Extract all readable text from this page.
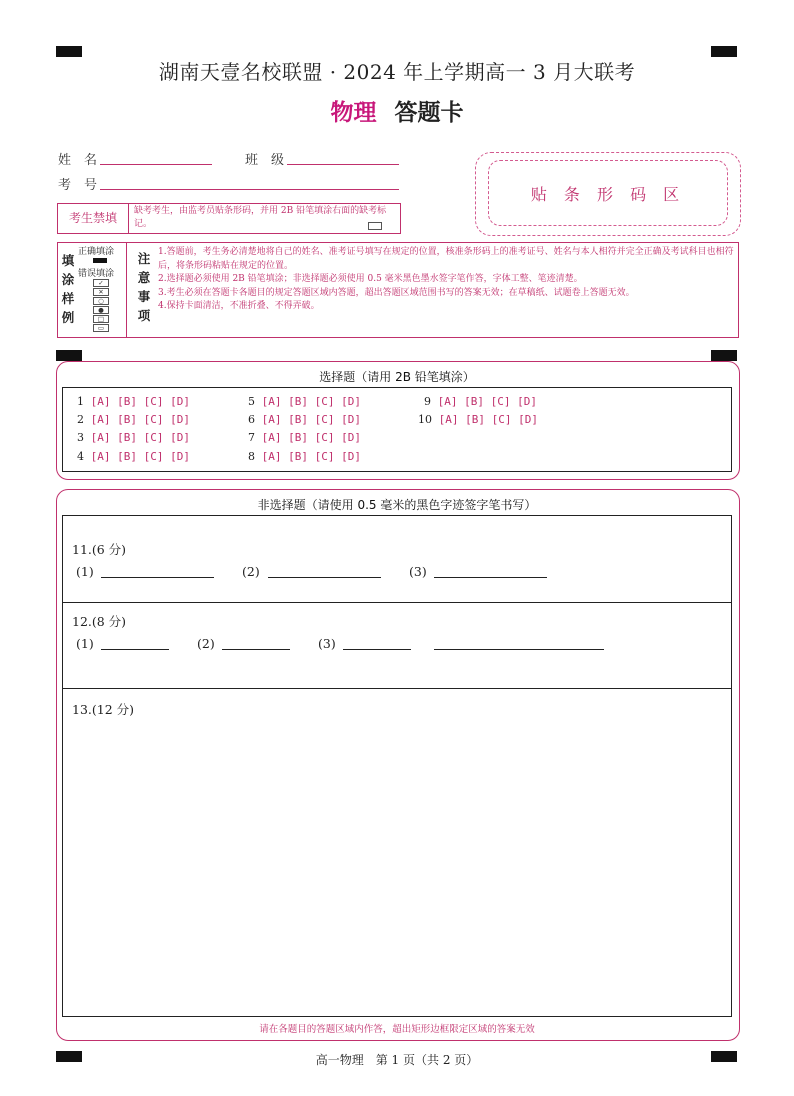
湖南天壹名校联盟 · 2024 年上学期高一 3 月大联考
物理 答题卡
姓　名	班　级
考　号
考生禁填	缺考考生，由监考员贴条形码，并用 2B 铅笔填涂右面的缺考标记。
贴 条 形 码 区
填
涂
样
例
正确填涂
错误填涂
✓
✕
○
●
□
▭
注
意
事
项
1.答题前，考生务必清楚地将自己的姓名、准考证号填写在规定的位置，核准条形码上的准考证号、姓名与本人相符并完全正确及考试科目也相符后，将条形码粘贴在规定的位置。
2.选择题必须使用 2B 铅笔填涂；非选择题必须使用 0.5 毫米黑色墨水签字笔作答，字体工整、笔迹清楚。
3.考生必须在答题卡各题目的规定答题区域内答题，超出答题区域范围书写的答案无效；在草稿纸、试题卷上答题无效。
4.保持卡面清洁，不准折叠、不得弄破。
选择题（请用 2B 铅笔填涂）
1 [A] [B] [C] [D]
2 [A] [B] [C] [D]
3 [A] [B] [C] [D]
4 [A] [B] [C] [D]
5 [A] [B] [C] [D]
6 [A] [B] [C] [D]
7 [A] [B] [C] [D]
8 [A] [B] [C] [D]
9 [A] [B] [C] [D]
10 [A] [B] [C] [D]
非选择题（请使用 0.5 毫米的黑色字迹签字笔书写）
11.(6 分)
(1)	(2)	(3)
12.(8 分)
(1)	(2)	(3)
13.(12 分)
请在各题目的答题区域内作答，超出矩形边框限定区域的答案无效
高一物理　第 1 页（共 2 页）
